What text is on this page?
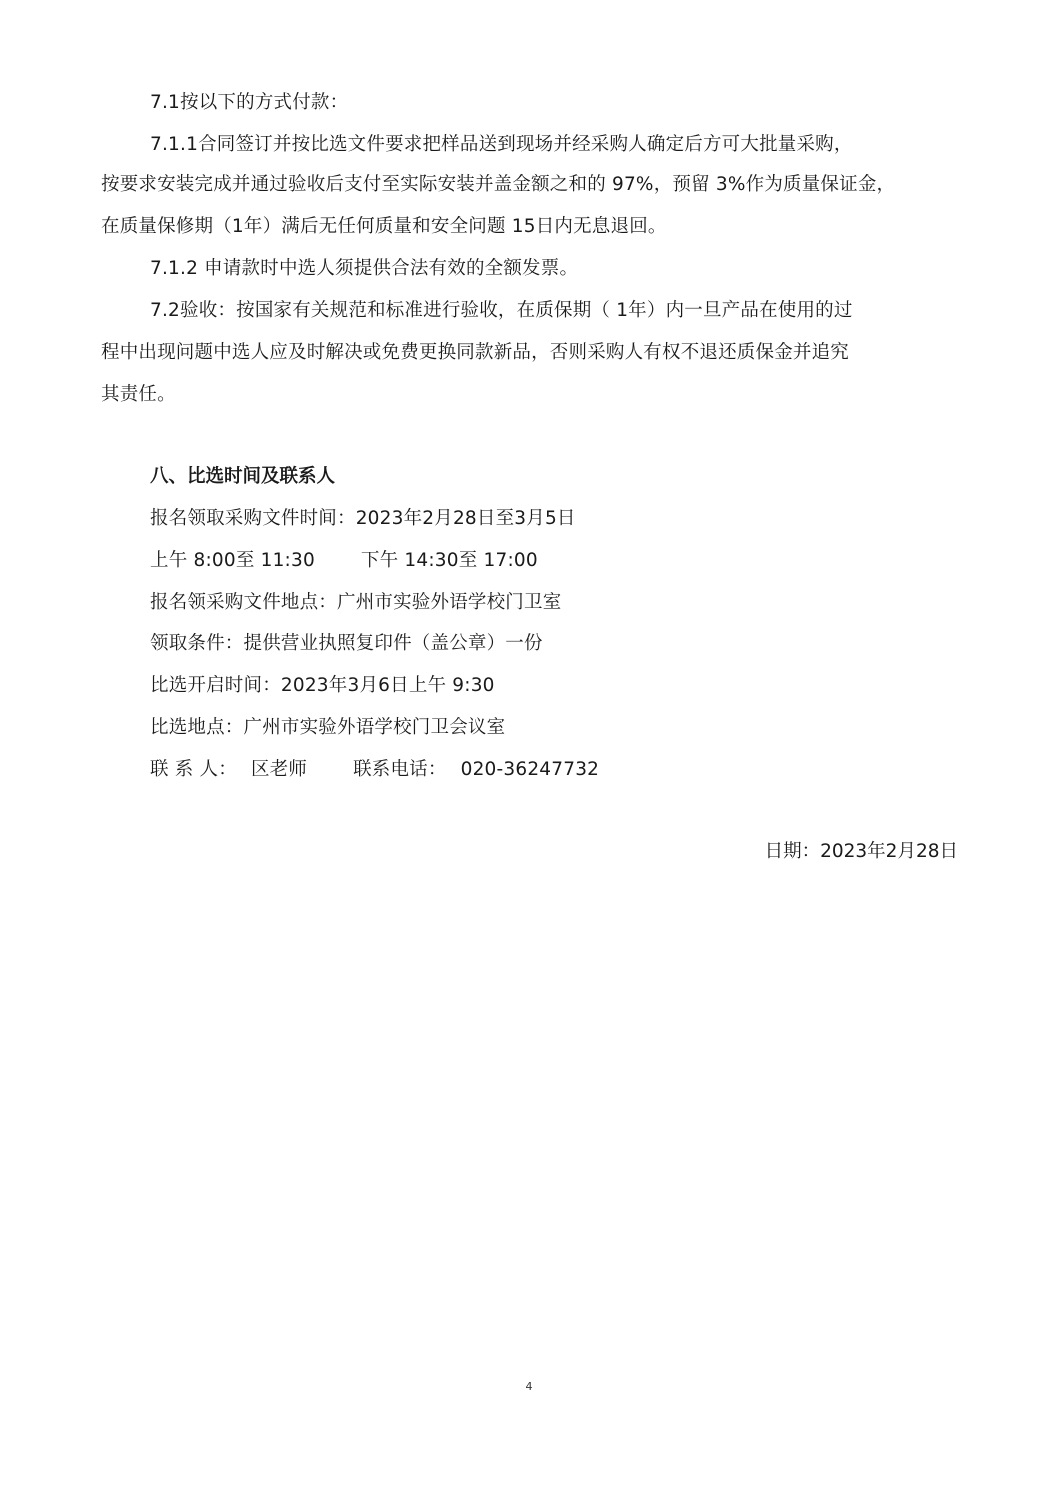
7.1按以下的方式付款：
7.1.1合同签订并按比选文件要求把样品送到现场并经采购人确定后方可大批量采购，
按要求安装完成并通过验收后支付至实际安装并盖金额之和的 97%，预留 3%作为质量保证金，
在质量保修期（1年）满后无任何质量和安全问题 15日内无息退回。
7.1.2 申请款时中选人须提供合法有效的全额发票。
7.2验收：按国家有关规范和标准进行验收，在质保期（ 1年）内一旦产品在使用的过
程中出现问题中选人应及时解决或免费更换同款新品，否则采购人有权不退还质保金并追究
其责任。
八、比选时间及联系人
报名领取采购文件时间：2023年2月28日至3月5日
上午 8:00至 11:30 下午 14:30至 17:00
报名领采购文件地点：广州市实验外语学校门卫室
领取条件：提供营业执照复印件（盖公章）一份
比选开启时间：2023年3月6日上午 9:30
比选地点：广州市实验外语学校门卫会议室
联 系 人： 区老师 联系电话： 020-36247732
日期：2023年2月28日
4
